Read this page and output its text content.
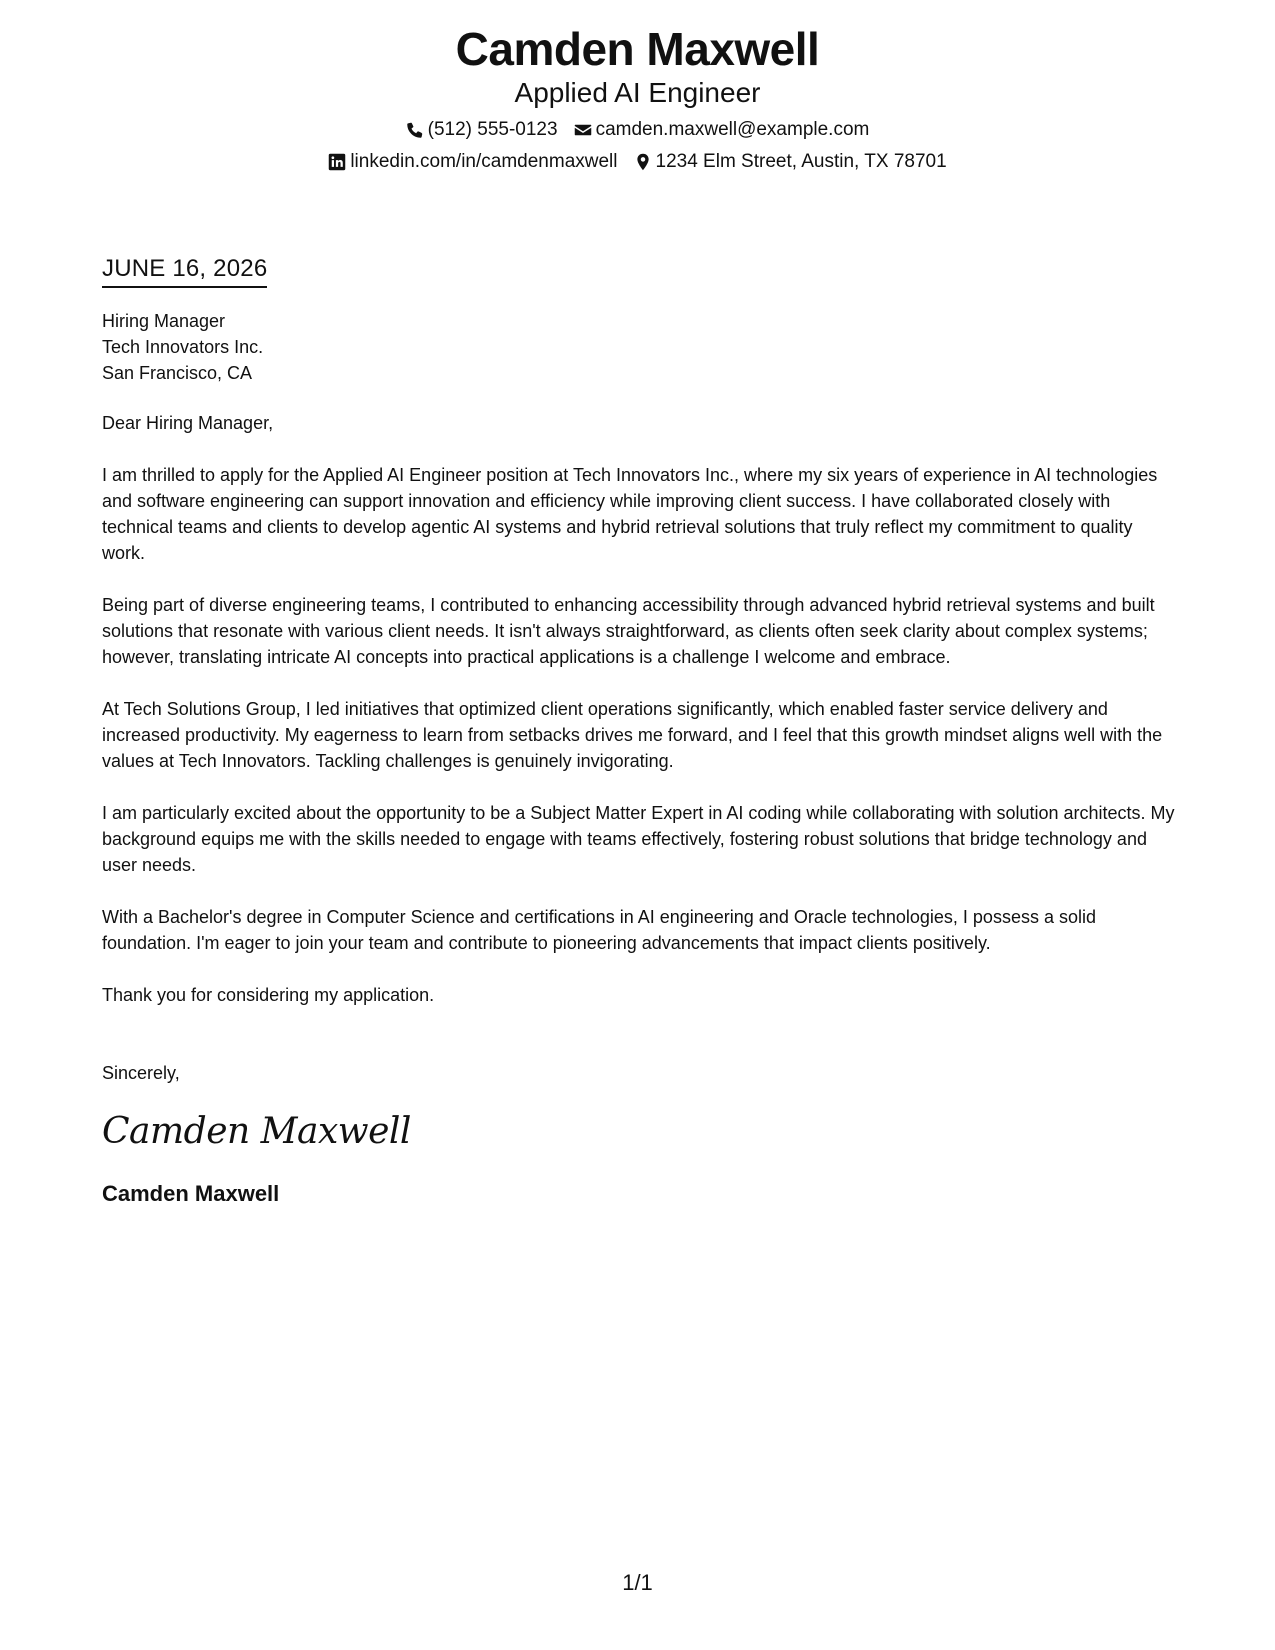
Camden Maxwell
Applied AI Engineer
(512) 555-0123 camden.maxwell@example.com
linkedin.com/in/camdenmaxwell 1234 Elm Street, Austin, TX 78701
JUNE 16, 2026
Hiring Manager
Tech Innovators Inc.
San Francisco, CA

Dear Hiring Manager,

I am thrilled to apply for the Applied AI Engineer position at Tech Innovators Inc., where my six years of experience in AI technologies and software engineering can support innovation and efficiency while improving client success. I have collaborated closely with technical teams and clients to develop agentic AI systems and hybrid retrieval solutions that truly reflect my commitment to quality work.

Being part of diverse engineering teams, I contributed to enhancing accessibility through advanced hybrid retrieval systems and built solutions that resonate with various client needs. It isn't always straightforward, as clients often seek clarity about complex systems; however, translating intricate AI concepts into practical applications is a challenge I welcome and embrace.

At Tech Solutions Group, I led initiatives that optimized client operations significantly, which enabled faster service delivery and increased productivity. My eagerness to learn from setbacks drives me forward, and I feel that this growth mindset aligns well with the values at Tech Innovators. Tackling challenges is genuinely invigorating.

I am particularly excited about the opportunity to be a Subject Matter Expert in AI coding while collaborating with solution architects. My background equips me with the skills needed to engage with teams effectively, fostering robust solutions that bridge technology and user needs.

With a Bachelor's degree in Computer Science and certifications in AI engineering and Oracle technologies, I possess a solid foundation. I'm eager to join your team and contribute to pioneering advancements that impact clients positively.

Thank you for considering my application.

Sincerely,
Camden Maxwell
Camden Maxwell
1/1
